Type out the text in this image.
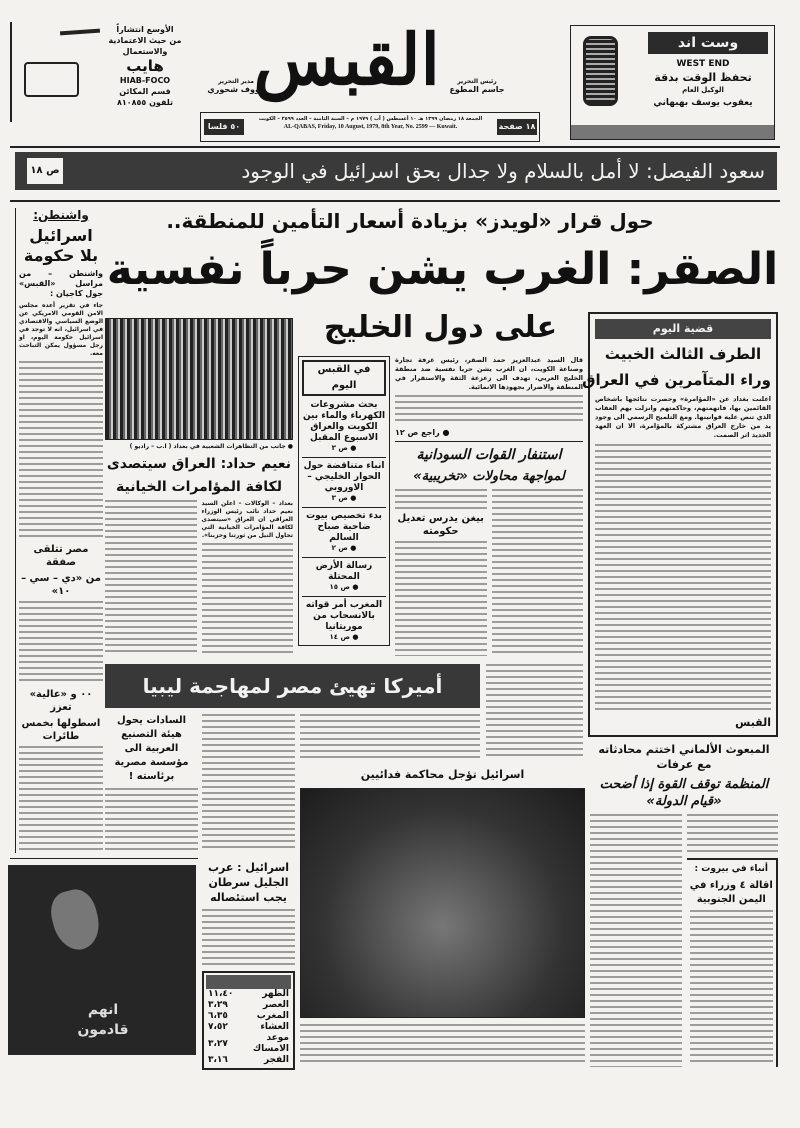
الأوسع انتشاراً
من حيث الاعتمادية
والاستعمال
هايب
HIAB-FOCO
قسم المكائن
تلفون ٨١٠٨٥٥
القبس
مدير التحرير
رؤوف شحوري
رئيس التحرير
جاسم المطوع
١٨ صفحة
٥٠ فلسا
الجمعة ١٨ رمضان ١٣٩٩ هـ ١٠ أغسطس ( آب ) ١٩٧٩ م – السنة الثامنة – العدد ٢٥٩٩ – الكويت
AL-QABAS, Friday, 10 August, 1979, 8th Year, No. 2599 — Kuwait.
وست اند
WEST END
تحفظ الوقت بدقة
الوكيل العام
يعقوب يوسف بهبهاني
سعود الفيصل: لا أمل بالسلام ولا جدال بحق اسرائيل في الوجود
ص ١٨
واشنطن:
اسرائيل بلا حكومة
واشنطن – من مراسل «القبس» جول كاجيان :
جاء في تقرير أعده مجلس الامن القومي الامريكي عن الوضع السياسي والاقتصادي في اسرائيل، انه لا توجد في اسرائيل حكومة اليوم، او رجل مسؤول يمكن التباحث معه.
مصر تتلقى صفقة
من «دي – سي – ١٠»
٠٠ و «عالية» تعزز
اسطولها بخمس طائرات
حول قرار «لويدز» بزيادة أسعار التأمين للمنطقة..
الصقر: الغرب يشن حرباً نفسية
على دول الخليج
● جانب من التظاهرات الشعبية في بغداد ( ا.ب – راديو )
نعيم حداد: العراق سيتصدى
لكافة المؤامرات الخيانية
بغداد – الوكالات – اعلن السيد نعيم حداد نائب رئيس الوزراء العراقي ان العراق «سيتصدى لكافة المؤامرات الخيانية التي تحاول النيل من ثورتنا وحزبنا».
في القبس اليوم
بحث مشروعات الكهرباء والماء بين الكويت والعراق الاسبوع المقبل
● ص ٣
انباء متناقضة حول الحوار الخليجي – الاوروبي
● ص ٣
بدء تخصيص بيوت ضاحية صباح السالم
● ص ٢
رسالة الأرض المحتلة
● ص ١٥
المغرب أمر قواته بالانسحاب من موريتانيا
● ص ١٤
قال السيد عبدالعزيز حمد الصقر، رئيس غرفة تجارة وصناعة الكويت، ان الغرب يشن حربا نفسية ضد منطقة الخليج العربي، تهدف الى زعزعة الثقة والاستقرار في المنطقة والاضرار بجهودها الانمائية.
● راجع ص ١٢
استنفار القوات السودانية
لمواجهة محاولات «تخريبية»
بيغن يدرس تعديل حكومته
قضية اليوم
الطرف الثالث الخبيث
وراء المتآمرين في العراق
اعلنت بغداد عن «المؤامرة» وحصرت نتائجها باشخاص القائمين بها، فاتهمتهم، وحاكمتهم وانزلت بهم العقاب الذي تنص عليه قوانينها. ومع التلميح الرسمي الى وجود يد من خارج العراق مشتركة بالمؤامرة، الا ان العهد الجديد اثر الصمت.
القبس
أميركا تهيئ مصر لمهاجمة ليبيا
السادات يحول هيئة التصنيع العربية الى مؤسسة مصرية برئاسته !	اسرائيل تؤجل محاكمة فدائيين
اسرائيل : عرب الجليل سرطان يجب استئصاله
الظهر	١١،٤٠
العصر	٣،٢٩
المغرب	٦،٣٥
العشاء	٧،٥٢
موعد الامساك	٣،٢٧
الفجر	٣،١٦
انهم
قادمون
المبعوث الألماني اختتم محادثاته مع عرفات
المنظمة توقف القوة إذا أضحت «قيام الدولة»
أنباء في بيروت :
اقالة ٤ وزراء في اليمن الجنوبية
